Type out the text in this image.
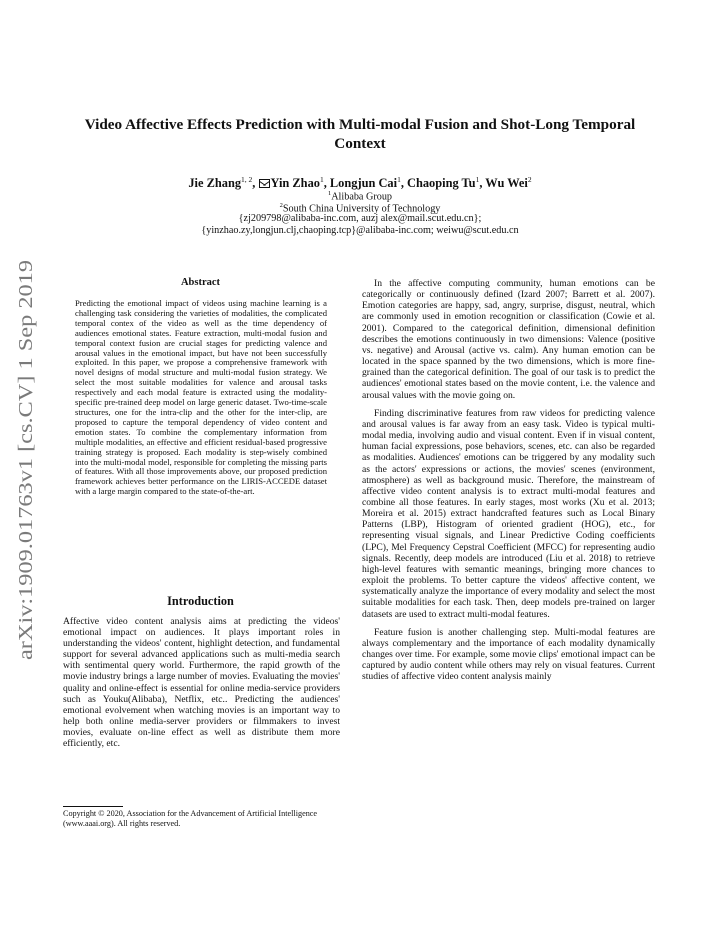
arXiv:1909.01763v1 [cs.CV] 1 Sep 2019
Video Affective Effects Prediction with Multi-modal Fusion and Shot-Long Temporal Context
Jie Zhang$^{1, 2}$, Yin Zhao$^1$, Longjun Cai$^1$, Chaoping Tu$^1$, Wu Wei$^2$
$^1$Alibaba Group
$^2$South China University of Technology
{zj209798@alibaba-inc.com, auzj alex@mail.scut.edu.cn};
{yinzhao.zy,longjun.clj,chaoping.tcp}@alibaba-inc.com; weiwu@scut.edu.cn
Abstract
Predicting the emotional impact of videos using machine learning is a challenging task considering the varieties of modalities, the complicated temporal contex of the video as well as the time dependency of audiences emotional states. Feature extraction, multi-modal fusion and temporal context fusion are crucial stages for predicting valence and arousal values in the emotional impact, but have not been successfully exploited. In this paper, we propose a comprehensive framework with novel designs of modal structure and multi-modal fusion strategy. We select the most suitable modalities for valence and arousal tasks respectively and each modal feature is extracted using the modality-specific pre-trained deep model on large generic dataset. Two-time-scale structures, one for the intra-clip and the other for the inter-clip, are proposed to capture the temporal dependency of video content and emotion states. To combine the complementary information from multiple modalities, an effective and efficient residual-based progressive training strategy is proposed. Each modality is step-wisely combined into the multi-modal model, responsible for completing the missing parts of features. With all those improvements above, our proposed prediction framework achieves better performance on the LIRIS-ACCEDE dataset with a large margin compared to the state-of-the-art.
Introduction

Affective video content analysis aims at predicting the videos' emotional impact on audiences. It plays important roles in understanding the videos' content, highlight detection, and fundamental support for several advanced applications such as multi-media search with sentimental query world. Furthermore, the rapid growth of the movie industry brings a large number of movies. Evaluating the movies' quality and online-effect is essential for online media-service providers such as Youku(Alibaba), Netflix, etc.. Predicting the audiences' emotional evolvement when watching movies is an important way to help both online media-server providers or filmmakers to invest movies, evaluate on-line effect as well as distribute them more efficiently, etc.

Copyright © 2020, Association for the Advancement of Artificial Intelligence (www.aaai.org). All rights reserved.

In the affective computing community, human emotions can be categorically or continuously defined (Izard 2007; Barrett et al. 2007). Emotion categories are happy, sad, angry, surprise, disgust, neutral, which are commonly used in emotion recognition or classification (Cowie et al. 2001). Compared to the categorical definition, dimensional definition describes the emotions continuously in two dimensions: Valence (positive vs. negative) and Arousal (active vs. calm). Any human emotion can be located in the space spanned by the two dimensions, which is more fine-grained than the categorical definition. The goal of our task is to predict the audiences' emotional states based on the movie content, i.e. the valence and arousal values with the movie going on.

Finding discriminative features from raw videos for predicting valence and arousal values is far away from an easy task. Video is typical multi-modal media, involving audio and visual content. Even if in visual content, human facial expressions, pose behaviors, scenes, etc. can also be regarded as modalities. Audiences' emotions can be triggered by any modality such as the actors' expressions or actions, the movies' scenes (environment, atmosphere) as well as background music. Therefore, the mainstream of affective video content analysis is to extract multi-modal features and combine all those features. In early stages, most works (Xu et al. 2013; Moreira et al. 2015) extract handcrafted features such as Local Binary Patterns (LBP), Histogram of oriented gradient (HOG), etc., for representing visual signals, and Linear Predictive Coding coefficients (LPC), Mel Frequency Cepstral Coefficient (MFCC) for representing audio signals. Recently, deep models are introduced (Liu et al. 2018) to retrieve high-level features with semantic meanings, bringing more chances to exploit the problems. To better capture the videos' affective content, we systematically analyze the importance of every modality and select the most suitable modalities for each task. Then, deep models pre-trained on larger datasets are used to extract multi-modal features.

Feature fusion is another challenging step. Multi-modal features are always complementary and the importance of each modality dynamically changes over time. For example, some movie clips' emotional impact can be captured by audio content while others may rely on visual features. Current studies of affective video content analysis mainly
